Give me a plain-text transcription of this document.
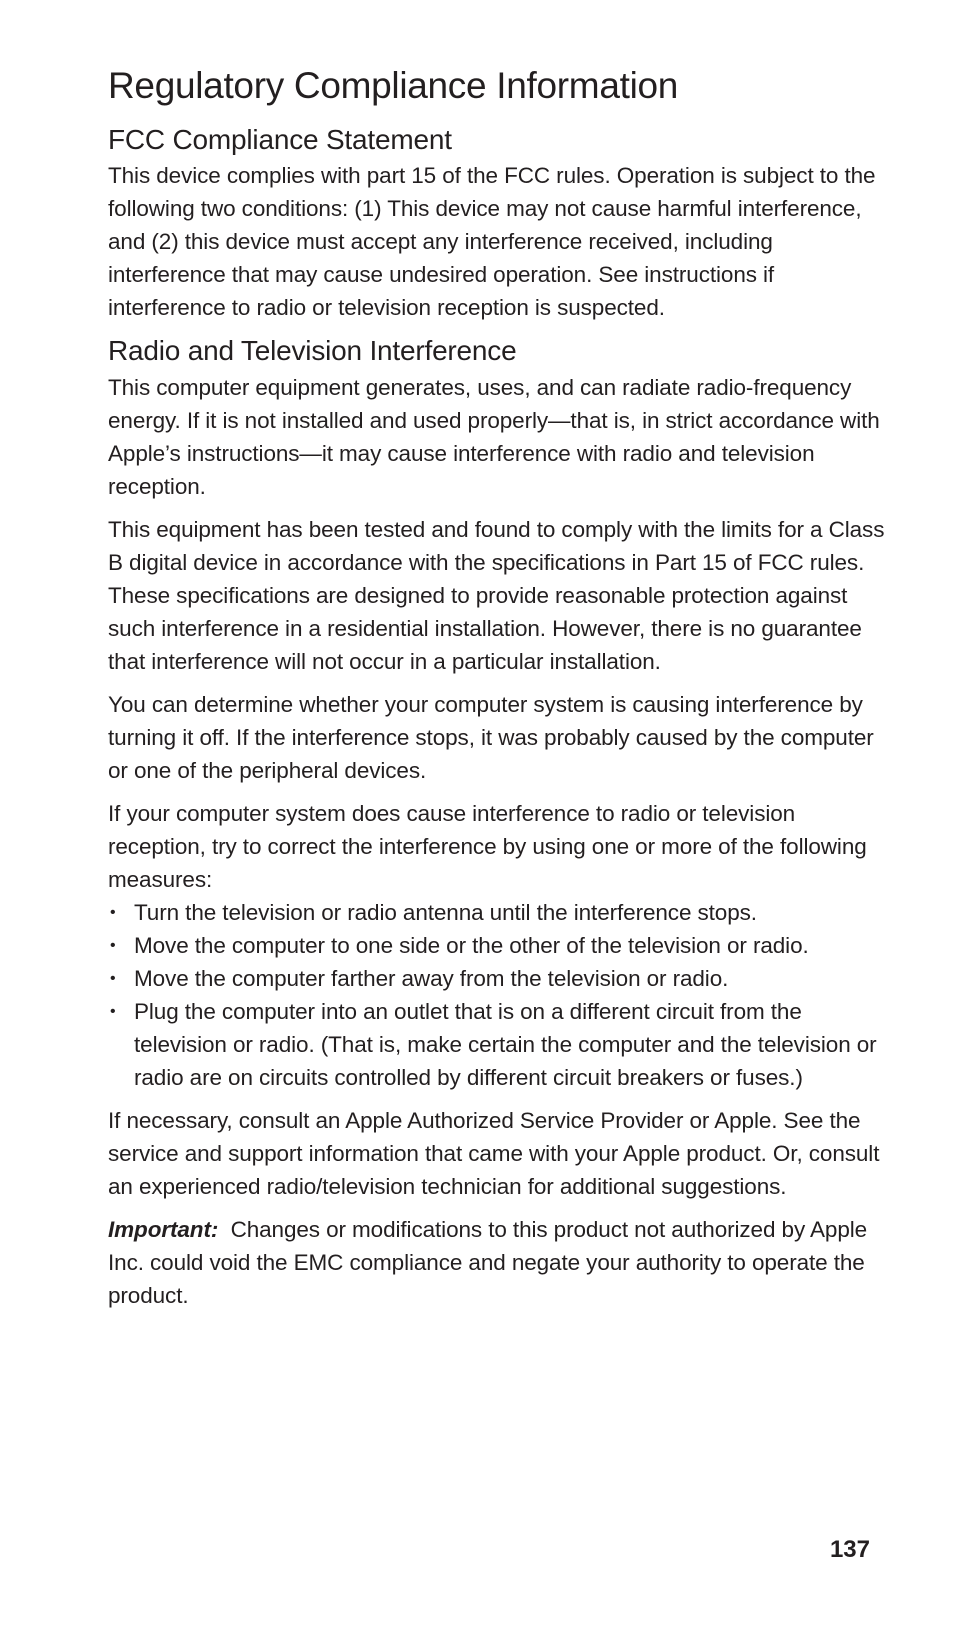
Regulatory Compliance Information
FCC Compliance Statement

This device complies with part 15 of the FCC rules. Operation is subject to the following two conditions: (1) This device may not cause harmful interference, and (2) this device must accept any interference received, including interference that may cause undesired operation. See instructions if interference to radio or television reception is suspected.

Radio and Television Interference

This computer equipment generates, uses, and can radiate radio-frequency energy. If it is not installed and used properly—that is, in strict accordance with Apple’s instructions—it may cause interference with radio and television reception.

This equipment has been tested and found to comply with the limits for a Class B digital device in accordance with the specifications in Part 15 of FCC rules. These specifications are designed to provide reasonable protection against such interference in a residential installation. However, there is no guarantee that interference will not occur in a particular installation.

You can determine whether your computer system is causing interference by turning it off. If the interference stops, it was probably caused by the computer or one of the peripheral devices.

If your computer system does cause interference to radio or television reception, try to correct the interference by using one or more of the following measures:

• Turn the television or radio antenna until the interference stops.
• Move the computer to one side or the other of the television or radio.
• Move the computer farther away from the television or radio.
• Plug the computer into an outlet that is on a different circuit from the television or radio. (That is, make certain the computer and the television or radio are on circuits controlled by different circuit breakers or fuses.)

If necessary, consult an Apple Authorized Service Provider or Apple. See the service and support information that came with your Apple product. Or, consult an experienced radio/television technician for additional suggestions.

Important: Changes or modifications to this product not authorized by Apple Inc. could void the EMC compliance and negate your authority to operate the product.

137
